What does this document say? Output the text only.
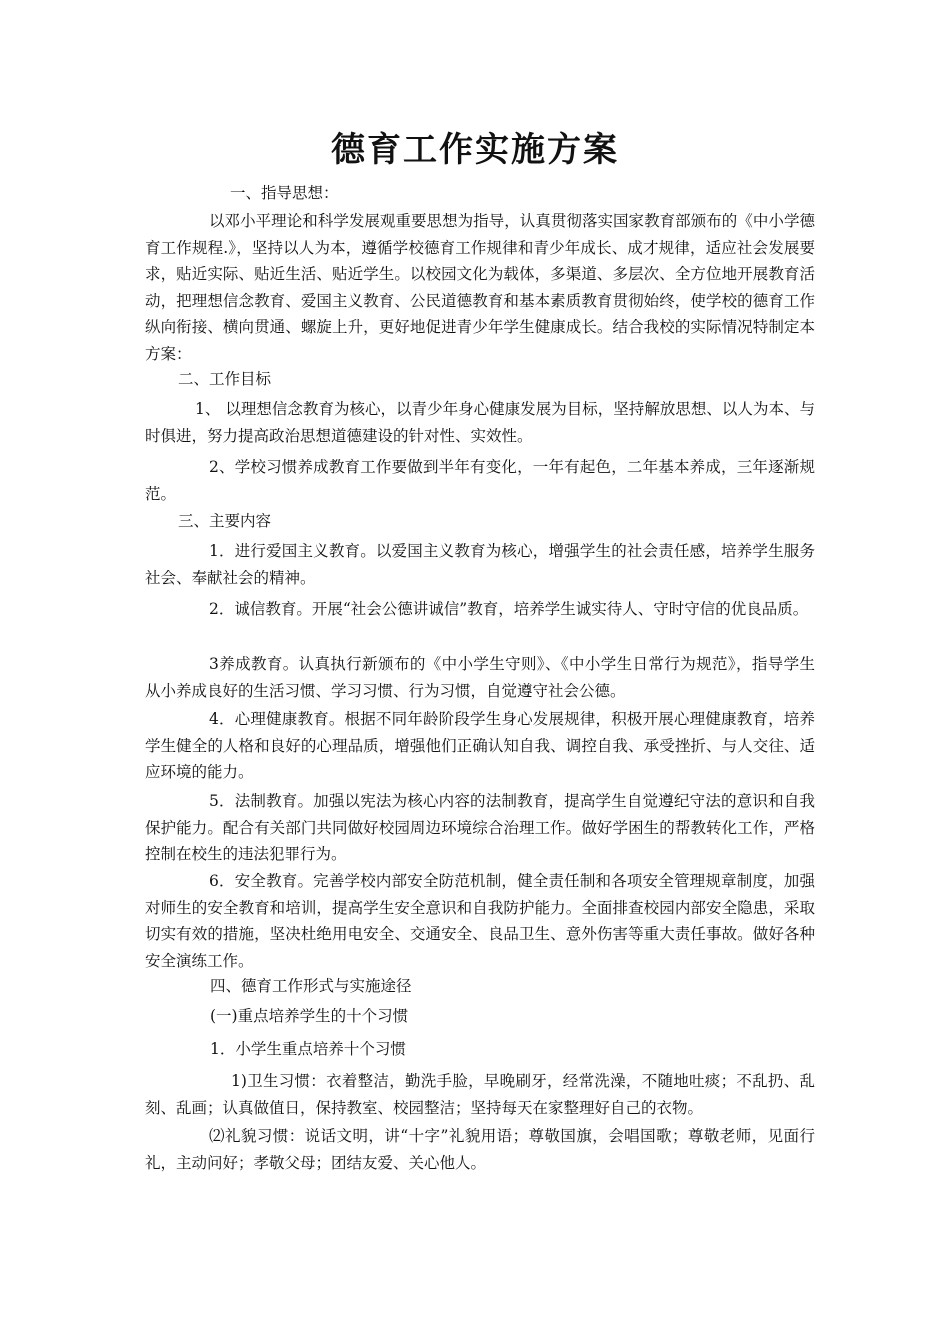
德育工作实施方案
一、指导思想：
以邓小平理论和科学发展观重要思想为指导，认真贯彻落实国家教育部颁布的《中小学德育工作规程.》，坚持以人为本，遵循学校德育工作规律和青少年成长、成才规律，适应社会发展要求，贴近实际、贴近生活、贴近学生。以校园文化为载体，多渠道、多层次、全方位地开展教育活动，把理想信念教育、爱国主义教育、公民道德教育和基本素质教育贯彻始终，使学校的德育工作纵向衔接、横向贯通、螺旋上升，更好地促进青少年学生健康成长。结合我校的实际情况特制定本方案：
二、工作目标
1、 以理想信念教育为核心，以青少年身心健康发展为目标，坚持解放思想、以人为本、与时俱进，努力提高政治思想道德建设的针对性、实效性。
2、学校习惯养成教育工作要做到半年有变化，一年有起色，二年基本养成，三年逐渐规范。
三、主要内容
1．进行爱国主义教育。以爱国主义教育为核心，增强学生的社会责任感，培养学生服务社会、奉献社会的精神。
2．诚信教育。开展“社会公德讲诚信”教育，培养学生诚实待人、守时守信的优良品质。
3养成教育。认真执行新颁布的《中小学生守则》、《中小学生日常行为规范》，指导学生从小养成良好的生活习惯、学习习惯、行为习惯，自觉遵守社会公德。
4．心理健康教育。根据不同年龄阶段学生身心发展规律，积极开展心理健康教育，培养学生健全的人格和良好的心理品质，增强他们正确认知自我、调控自我、承受挫折、与人交往、适应环境的能力。
5．法制教育。加强以宪法为核心内容的法制教育，提高学生自觉遵纪守法的意识和自我保护能力。配合有关部门共同做好校园周边环境综合治理工作。做好学困生的帮教转化工作，严格控制在校生的违法犯罪行为。
6．安全教育。完善学校内部安全防范机制，健全责任制和各项安全管理规章制度，加强对师生的安全教育和培训，提高学生安全意识和自我防护能力。全面排查校园内部安全隐患，采取切实有效的措施，坚决杜绝用电安全、交通安全、良品卫生、意外伤害等重大责任事故。做好各种安全演练工作。
四、德育工作形式与实施途径
(一)重点培养学生的十个习惯
1．小学生重点培养十个习惯
1)卫生习惯：衣着整洁，勤洗手脸，早晚刷牙，经常洗澡，不随地吐痰；不乱扔、乱刻、乱画；认真做值日，保持教室、校园整洁；坚持每天在家整理好自己的衣物。
⑵礼貌习惯：说话文明，讲“十字”礼貌用语；尊敬国旗，会唱国歌；尊敬老师，见面行礼，主动问好；孝敬父母；团结友爱、关心他人。
